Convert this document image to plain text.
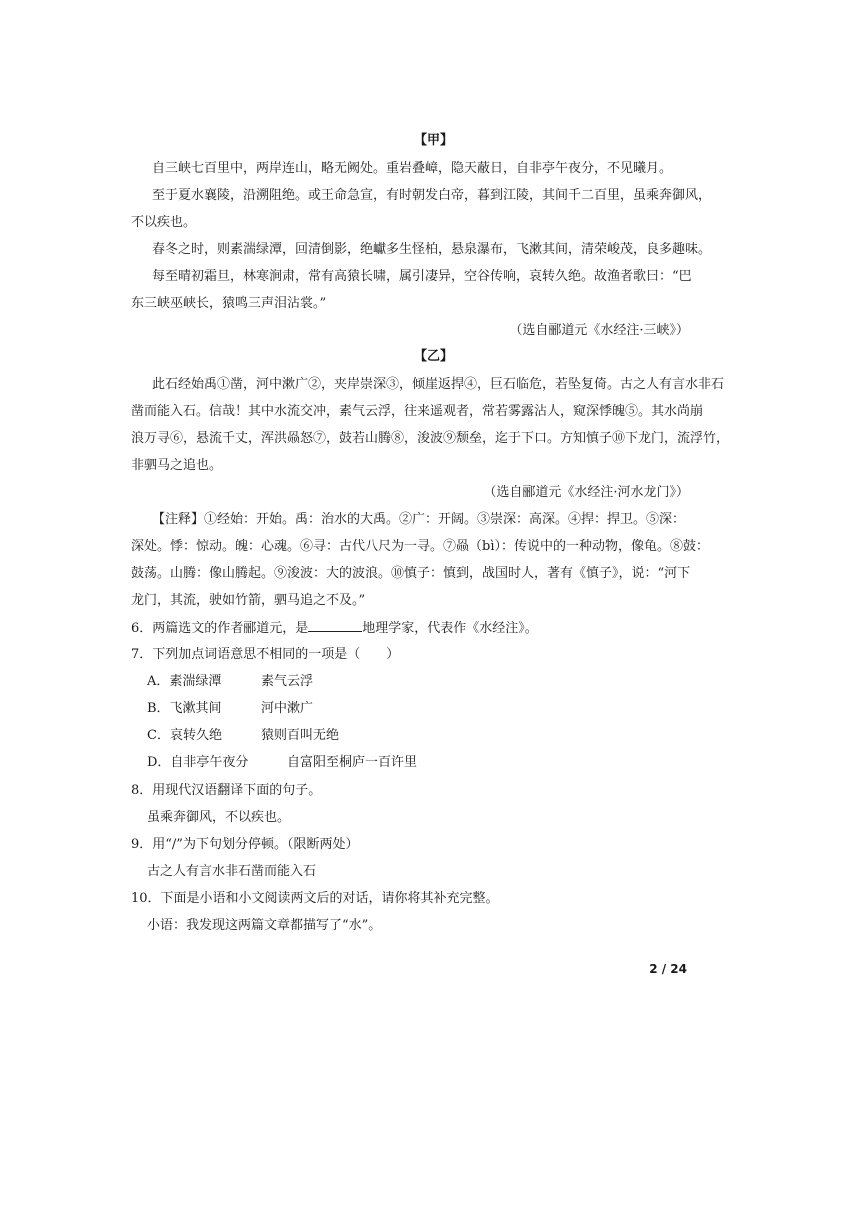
【甲】
自三峡七百里中，两岸连山，略无阙处。重岩叠嶂，隐天蔽日，自非亭午夜分，不见曦月。
至于夏水襄陵，沿溯阻绝。或王命急宣，有时朝发白帝，暮到江陵，其间千二百里，虽乘奔御风，
不以疾也。
春冬之时，则素湍绿潭，回清倒影，绝巘多生怪柏，悬泉瀑布，飞漱其间，清荣峻茂，良多趣味。
每至晴初霜旦，林寒涧肃，常有高猿长啸，属引凄异，空谷传响，哀转久绝。故渔者歌曰：“巴
东三峡巫峡长，猿鸣三声泪沾裳。”
（选自郦道元《水经注·三峡》）
【乙】
此石经始禹①凿，河中漱广②，夹岸崇深③，倾崖返捍④，巨石临危，若坠复倚。古之人有言水非石
凿而能入石。信哉！其中水流交冲，素气云浮，往来遥观者，常若雾露沾人，窥深悸魄⑤。其水尚崩
浪万寻⑥，悬流千丈，浑洪赑怒⑦，鼓若山腾⑧，浚波⑨颓垒，迄于下口。方知慎子⑩下龙门，流浮竹，
非驷马之追也。
（选自郦道元《水经注·河水龙门》）
【注释】①经始：开始。禹：治水的大禹。②广：开阔。③崇深：高深。④捍：捍卫。⑤深：
深处。悸：惊动。魄：心魂。⑥寻：古代八尺为一寻。⑦赑（bì）：传说中的一种动物，像龟。⑧鼓：
鼓荡。山腾：像山腾起。⑨浚波：大的波浪。⑩慎子：慎到，战国时人，著有《慎子》，说：“河下
龙门，其流，驶如竹箭，驷马追之不及。”
6．两篇选文的作者郦道元，是	地理学家，代表作《水经注》。
7．下列加点词语意思不相同的一项是（　　）
A．素湍绿潭	素气云浮
B．飞漱其间	河中漱广
C．哀转久绝	猿则百叫无绝
D．自非亭午夜分	自富阳至桐庐一百许里
8．用现代汉语翻译下面的句子。
虽乘奔御风，不以疾也。
9．用“/”为下句划分停顿。（限断两处）
古之人有言水非石凿而能入石
10．下面是小语和小文阅读两文后的对话，请你将其补充完整。
小语：我发现这两篇文章都描写了“水”。
2 / 24
